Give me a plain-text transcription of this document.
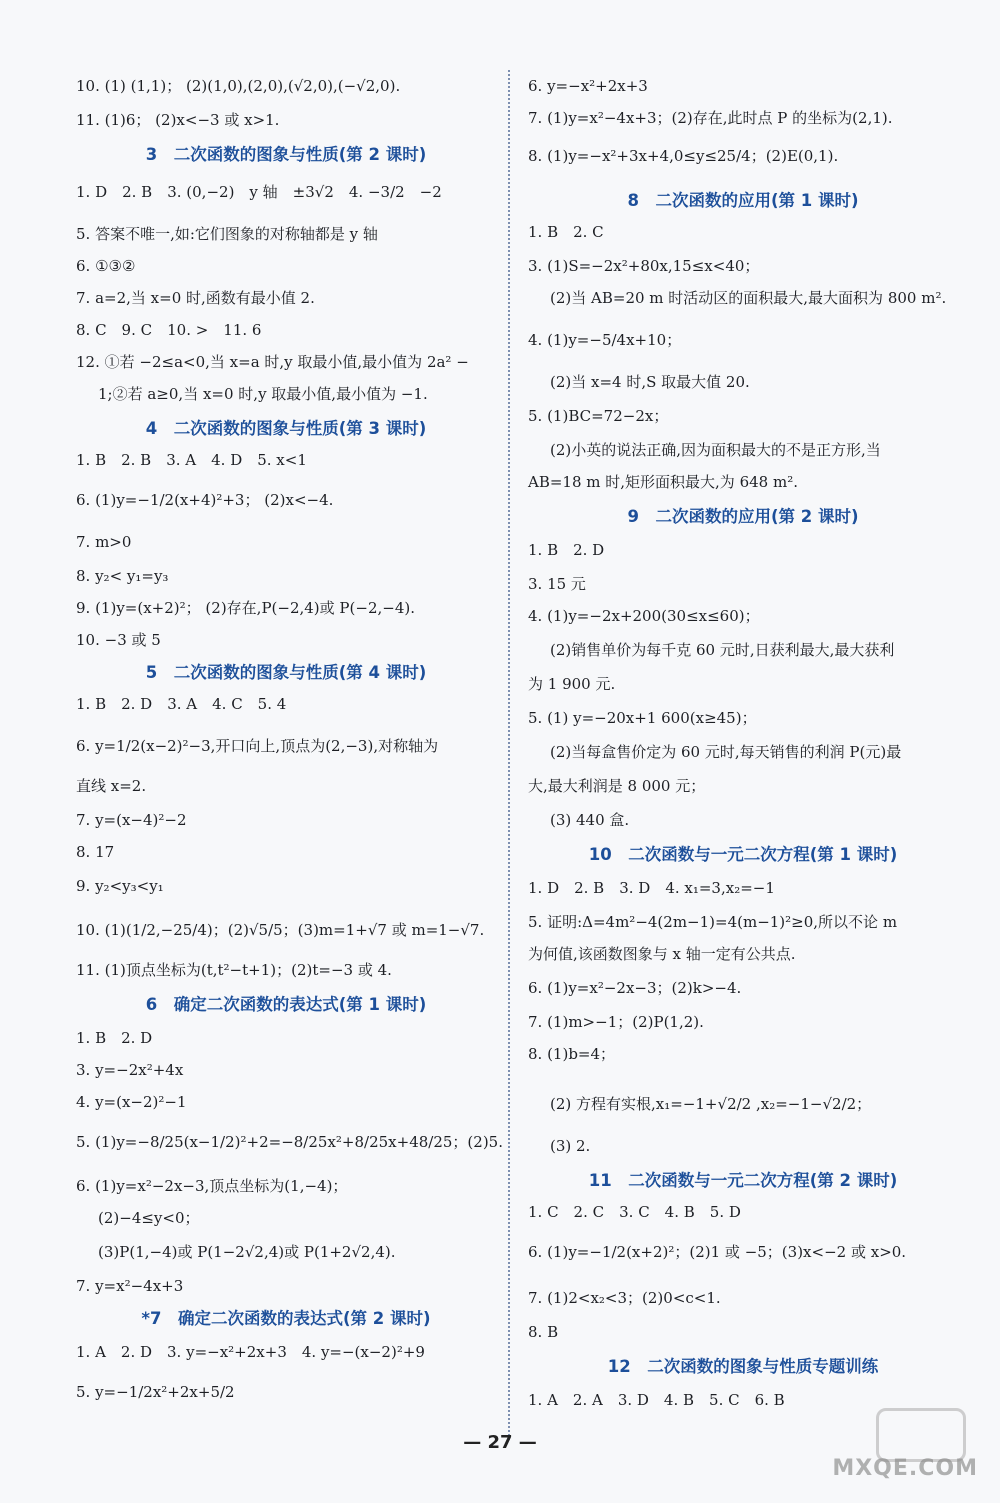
10. (1) (1,1)； (2)(1,0),(2,0),(√2,0),(−√2,0).
11. (1)6； (2)x<−3 或 x>1.
3　二次函数的图象与性质(第 2 课时)
1. D　2. B　3. (0,−2)　y 轴　±3√2　4. −3/2　−2
5. 答案不唯一,如:它们图象的对称轴都是 y 轴
6. ①③②
7. a=2,当 x=0 时,函数有最小值 2.
8. C　9. C　10. >　11. 6
12. ①若 −2≤a<0,当 x=a 时,y 取最小值,最小值为 2a² −
1;②若 a≥0,当 x=0 时,y 取最小值,最小值为 −1.
4　二次函数的图象与性质(第 3 课时)
1. B　2. B　3. A　4. D　5. x<1
6. (1)y=−1/2(x+4)²+3； (2)x<−4.
7. m>0
8. y₂< y₁=y₃
9. (1)y=(x+2)²； (2)存在,P(−2,4)或 P(−2,−4).
10. −3 或 5
5　二次函数的图象与性质(第 4 课时)
1. B　2. D　3. A　4. C　5. 4
6. y=1/2(x−2)²−3,开口向上,顶点为(2,−3),对称轴为
直线 x=2.
7. y=(x−4)²−2
8. 17
9. y₂<y₃<y₁
10. (1)(1/2,−25/4)；(2)√5/5；(3)m=1+√7 或 m=1−√7.
11. (1)顶点坐标为(t,t²−t+1)；(2)t=−3 或 4.
6　确定二次函数的表达式(第 1 课时)
1. B　2. D
3. y=−2x²+4x
4. y=(x−2)²−1
5. (1)y=−8/25(x−1/2)²+2=−8/25x²+8/25x+48/25；(2)5.
6. (1)y=x²−2x−3,顶点坐标为(1,−4)；
(2)−4≤y<0；
(3)P(1,−4)或 P(1−2√2,4)或 P(1+2√2,4).
7. y=x²−4x+3
*7　确定二次函数的表达式(第 2 课时)
1. A　2. D　3. y=−x²+2x+3　4. y=−(x−2)²+9
5. y=−1/2x²+2x+5/2
6. y=−x²+2x+3
7. (1)y=x²−4x+3；(2)存在,此时点 P 的坐标为(2,1).
8. (1)y=−x²+3x+4,0≤y≤25/4；(2)E(0,1).
8　二次函数的应用(第 1 课时)
1. B　2. C
3. (1)S=−2x²+80x,15≤x<40；
(2)当 AB=20 m 时活动区的面积最大,最大面积为 800 m².
4. (1)y=−5/4x+10；
(2)当 x=4 时,S 取最大值 20.
5. (1)BC=72−2x；
(2)小英的说法正确,因为面积最大的不是正方形,当
AB=18 m 时,矩形面积最大,为 648 m².
9　二次函数的应用(第 2 课时)
1. B　2. D
3. 15 元
4. (1)y=−2x+200(30≤x≤60)；
(2)销售单价为每千克 60 元时,日获利最大,最大获利
为 1 900 元.
5. (1) y=−20x+1 600(x≥45)；
(2)当每盒售价定为 60 元时,每天销售的利润 P(元)最
大,最大利润是 8 000 元；
(3) 440 盒.
10　二次函数与一元二次方程(第 1 课时)
1. D　2. B　3. D　4. x₁=3,x₂=−1
5. 证明:Δ=4m²−4(2m−1)=4(m−1)²≥0,所以不论 m
为何值,该函数图象与 x 轴一定有公共点.
6. (1)y=x²−2x−3；(2)k>−4.
7. (1)m>−1；(2)P(1,2).
8. (1)b=4；
(2) 方程有实根,x₁=−1+√2/2 ,x₂=−1−√2/2；
(3) 2.
11　二次函数与一元二次方程(第 2 课时)
1. C　2. C　3. C　4. B　5. D
6. (1)y=−1/2(x+2)²；(2)1 或 −5；(3)x<−2 或 x>0.
7. (1)2<x₂<3；(2)0<c<1.
8. B
12　二次函数的图象与性质专题训练
1. A　2. A　3. D　4. B　5. C　6. B
— 27 —
MXQE.COM
